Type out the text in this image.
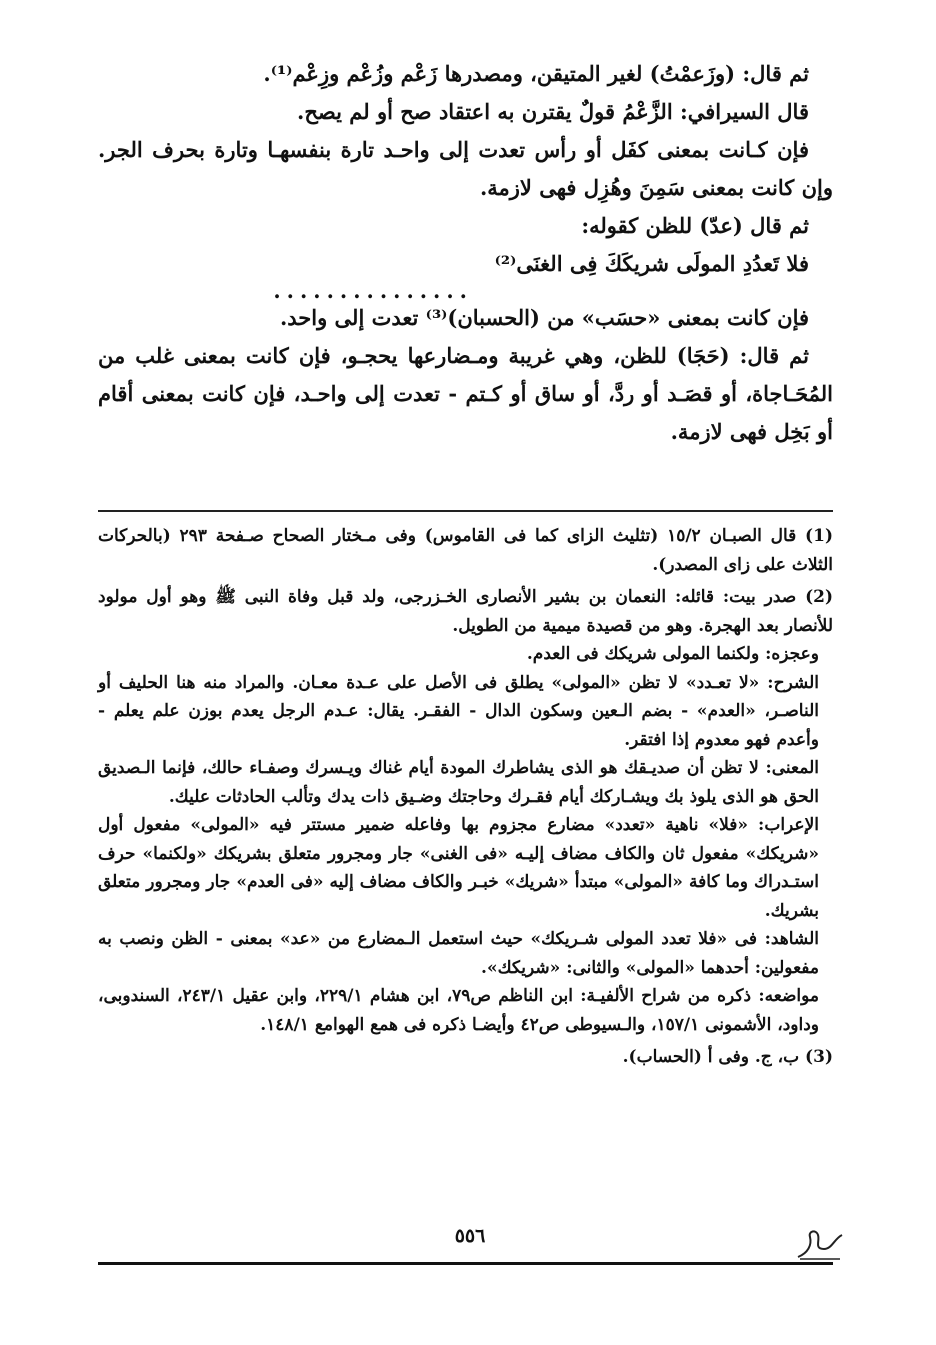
ثم قال: (وزَعمْتُ) لغير المتيقن، ومصدرها زَعْم وزُعْم وزِعْم⁽¹⁾.

قال السيرافي: الزَّعْمُ قولٌ يقترن به اعتقاد صح أو لم يصح.

فإن كـانت بمعنى كفَل أو رأس تعدت إلى واحـد تارة بنفسهـا وتارة بحرف الجر. وإن كانت بمعنى سَمِنَ وهُزِل فهى لازمة.

ثم قال (عدّ) للظن كقوله:

فلا تَعدُدِ المولَى شريكَكَ فِى الغنَى⁽²⁾

...............

فإن كانت بمعنى «حسَب» من (الحسبان)⁽³⁾ تعدت إلى واحد.

ثم قال: (حَجَا) للظن، وهي غريبة ومـضارعها يحجـو، فإن كانت بمعنى غلب من المُحَـاجاة، أو قصَـد أو ردَّ، أو ساق أو كـتم - تعدت إلى واحـد، فإن كانت بمعنى أقام أو بَخِل فهى لازمة.

(1) قال الصبـان ١٥/٢ (تثليث الزاى كما فى القاموس) وفى مـختار الصحاح صـفحة ٢٩٣ (بالحركات الثلاث على زاى المصدر).

(2) صدر بيت: قائله: النعمان بن بشير الأنصارى الخـزرجى، ولد قبل وفاة النبى ﷺ وهو أول مولود للأنصار بعد الهجرة. وهو من قصيدة ميمية من الطويل.

وعجزه: ولكنما المولى شريكك فى العدم.

الشرح: «لا تعـدد» لا تظن «المولى» يطلق فى الأصل على عـدة معـان. والمراد منه هنا الحليف أو الناصـر، «العدم» - بضم الـعين وسكون الدال - الفقـر. يقال: عـدم الرجل يعدم بوزن علم يعلم - وأعدم فهو معدوم إذا افتقر.

المعنى: لا تظن أن صديـقك هو الذى يشاطرك المودة أيام غناك ويـسرك وصفـاء حالك، فإنما الـصديق الحق هو الذى يلوذ بك ويشـاركك أيام فقـرك وحاجتك وضـيق ذات يدك وتألب الحادثات عليك.

الإعراب: «فلا» ناهية «تعدد» مضارع مجزوم بها وفاعله ضمير مستتر فيه «المولى» مفعول أول «شريكك» مفعول ثان والكاف مضاف إليـه «فى الغنى» جار ومجرور متعلق بشريكك «ولكنما» حرف استـدراك وما كافة «المولى» مبتدأ «شريك» خبـر والكاف مضاف إليه «فى العدم» جار ومجرور متعلق بشريك.

الشاهد: فى «فلا تعدد المولى شـريكك» حيث استعمل الـمضارع من «عد» بمعنى - الظن ونصب به مفعولين: أحدهما «المولى» والثانى: «شريكك».

مواضعه: ذكره من شراح الألفيـة: ابن الناظم ص٧٩، ابن هشام ٢٢٩/١، وابن عقيل ٢٤٣/١، السندوبى، وداود، الأشمونى ١٥٧/١، والـسيوطى ص٤٢ وأيضـا ذكره فى همع الهوامع ١٤٨/١.

(3) ب، ج. وفى أ (الحساب).

٥٥٦
